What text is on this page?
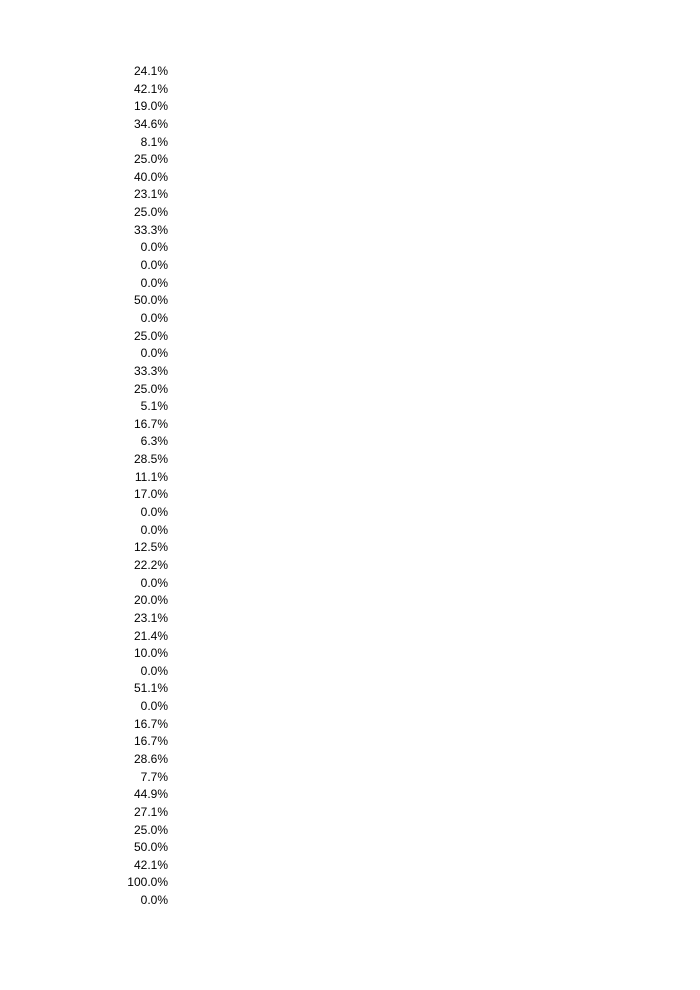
24.1%
42.1%
19.0%
34.6%
8.1%
25.0%
40.0%
23.1%
25.0%
33.3%
0.0%
0.0%
0.0%
50.0%
0.0%
25.0%
0.0%
33.3%
25.0%
5.1%
16.7%
6.3%
28.5%
11.1%
17.0%
0.0%
0.0%
12.5%
22.2%
0.0%
20.0%
23.1%
21.4%
10.0%
0.0%
51.1%
0.0%
16.7%
16.7%
28.6%
7.7%
44.9%
27.1%
25.0%
50.0%
42.1%
100.0%
0.0%
